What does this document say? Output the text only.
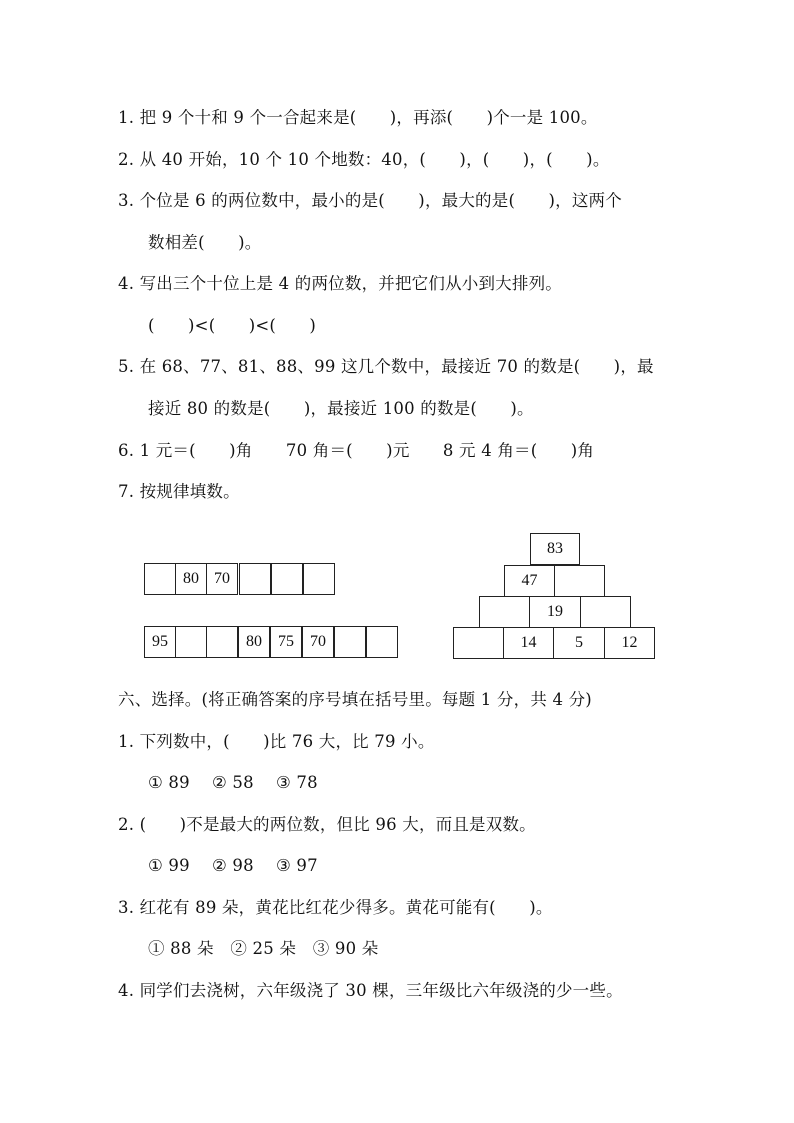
1. 把 9 个十和 9 个一合起来是(　　)，再添(　　)个一是 100。
2. 从 40 开始，10 个 10 个地数：40，(　　)，(　　)，(　　)。
3. 个位是 6 的两位数中，最小的是(　　)，最大的是(　　)，这两个
数相差(　　)。
4. 写出三个十位上是 4 的两位数，并把它们从小到大排列。
(　　)<(　　)<(　　)
5. 在 68、77、81、88、99 这几个数中，最接近 70 的数是(　　)，最
接近 80 的数是(　　)，最接近 100 的数是(　　)。
6. 1 元＝(　　)角　　70 角＝(　　)元　　8 元 4 角＝(　　)角
7. 按规律填数。
80 70
95	80	75	70
83
47
19
14	5	12
六、选择。(将正确答案的序号填在括号里。每题 1 分，共 4 分)
1. 下列数中，(　　)比 76 大，比 79 小。
① 89　 ② 58　 ③ 78
2. (　　)不是最大的两位数，但比 96 大，而且是双数。
① 99　 ② 98　 ③ 97
3. 红花有 89 朵，黄花比红花少得多。黄花可能有(　　)。
① 88 朵　② 25 朵　③ 90 朵
4. 同学们去浇树，六年级浇了 30 棵，三年级比六年级浇的少一些。
